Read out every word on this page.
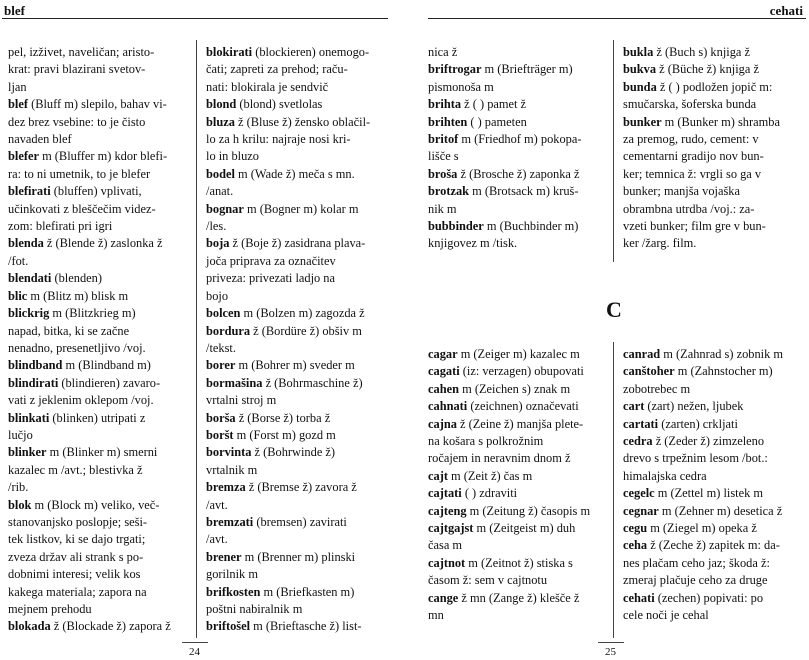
blef	cehati

pel, izživet, naveličan; aristo-

krat: pravi blazirani svetov-

ljan

blef (Bluff m) slepilo, bahav vi-

dez brez vsebine: to je čisto

navaden blef

blefer m (Bluffer m) kdor blefi-

ra: to ni umetnik, to je blefer

blefirati (bluffen) vplivati,

učinkovati z bleščečim videz-

zom: blefirati pri igri

blenda ž (Blende ž) zaslonka ž

/fot.

blendati (blenden)

blic m (Blitz m) blisk m

blickrig m (Blitzkrieg m)

napad, bitka, ki se začne

nenadno, presenetljivo /voj.

blindband m (Blindband m)

blindirati (blindieren) zavaro-

vati z jeklenim oklepom /voj.

blinkati (blinken) utripati z

lučjo

blinker m (Blinker m) smerni

kazalec m /avt.; blestivka ž

/rib.

blok m (Block m) veliko, več-

stanovanjsko poslopje; seši-

tek listkov, ki se dajo trgati;

zveza držav ali strank s po-

dobnimi interesi; velik kos

kakega materiala; zapora na

mejnem prehodu

blokada ž (Blockade ž) zapora ž

blokirati (blockieren) onemogo-

čati; zapreti za prehod; raču-

nati: blokirala je sendvič

blond (blond) svetlolas

bluza ž (Bluse ž) žensko oblačil-

lo za h krilu: najraje nosi kri-

lo in bluzo

bodel m (Wade ž) meča s mn.

/anat.

bognar m (Bogner m) kolar m

/les.

boja ž (Boje ž) zasidrana plava-

joča priprava za označitev

priveza: privezati ladjo na

bojo

bolcen m (Bolzen m) zagozda ž

bordura ž (Bordüre ž) obšiv m

/tekst.

borer m (Bohrer m) sveder m

bormašina ž (Bohrmaschine ž)

vrtalni stroj m

borša ž (Borse ž) torba ž

boršt m (Forst m) gozd m

borvinta ž (Bohrwinde ž)

vrtalnik m

bremza ž (Bremse ž) zavora ž

/avt.

bremzati (bremsen) zavirati

/avt.

brener m (Brenner m) plinski

gorilnik m

brifkosten m (Briefkasten m)

poštni nabiralnik m

briftošel m (Brieftasche ž) list-

nica ž

briftrogar m (Briefträger m)

pismonoša m

brihta ž ( ) pamet ž

brihten ( ) pameten

britof m (Friedhof m) pokopa-

lišče s

broša ž (Brosche ž) zaponka ž

brotzak m (Brotsack m) kruš-

nik m

bubbinder m (Buchbinder m)

knjigovez m /tisk.

bukla ž (Buch s) knjiga ž

bukva ž (Büche ž) knjiga ž

bunda ž ( ) podložen jopič m:

smučarska, šoferska bunda

bunker m (Bunker m) shramba

za premog, rudo, cement: v

cementarni gradijo nov bun-

ker; temnica ž: vrgli so ga v

bunker; manjša vojaška

obrambna utrdba /voj.: za-

vzeti bunker; film gre v bun-

ker /žarg. film.

cagar m (Zeiger m) kazalec m

cagati (iz: verzagen) obupovati

cahen m (Zeichen s) znak m

cahnati (zeichnen) označevati

cajna ž (Zeine ž) manjša plete-

na košara s polkrožnim

ročajem in neravnim dnom ž

cajt m (Zeit ž) čas m

cajtati ( ) zdraviti

cajteng m (Zeitung ž) časopis m

cajtgajst m (Zeitgeist m) duh

časa m

cajtnot m (Zeitnot ž) stiska s

časom ž: sem v cajtnotu

cange ž mn (Zange ž) klešče ž

mn

canrad m (Zahnrad s) zobnik m

canštoher m (Zahnstocher m)

zobotrebec m

cart (zart) nežen, ljubek

cartati (zarten) crkljati

cedra ž (Zeder ž) zimzeleno

drevo s trpežnim lesom /bot.:

himalajska cedra

cegelc m (Zettel m) listek m

cegnar m (Zehner m) desetica ž

cegu m (Ziegel m) opeka ž

ceha ž (Zeche ž) zapitek m: da-

nes plačam ceho jaz; škoda ž:

zmeraj plačuje ceho za druge

cehati (zechen) popivati: po

cele noči je cehal

C
24	25
